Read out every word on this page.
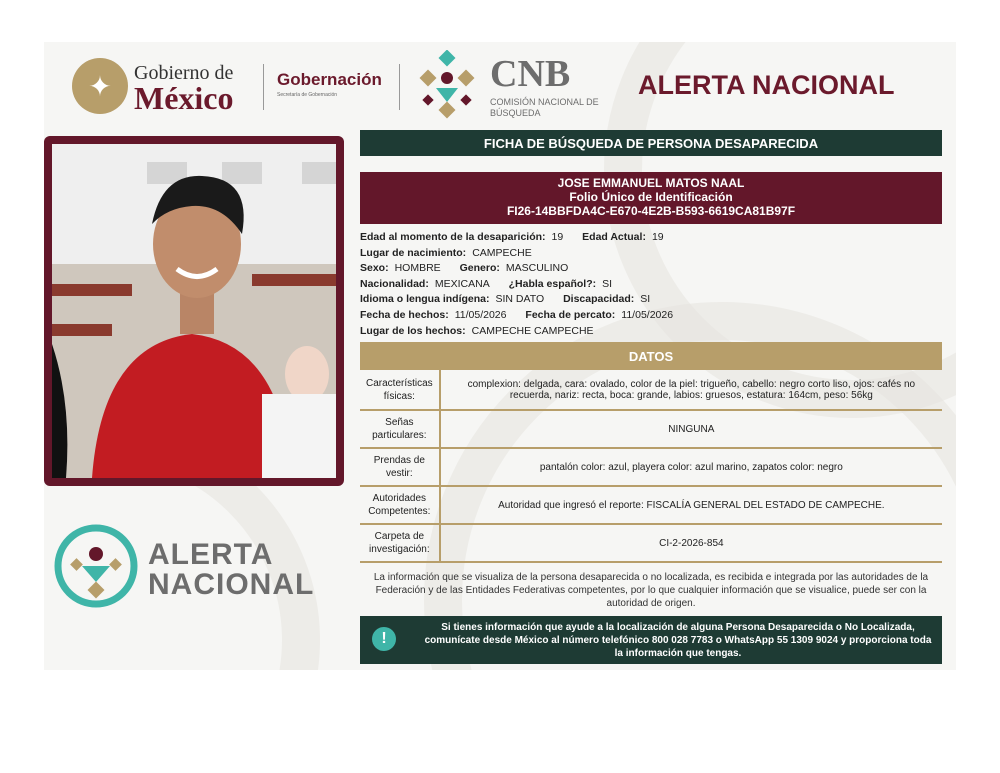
✦	Gobierno de
México
Gobernación
Secretaría de Gobernación	CNB
COMISIÓN NACIONAL DE BÚSQUEDA
ALERTA NACIONAL
ALERTA
NACIONAL
FICHA DE BÚSQUEDA DE PERSONA DESAPARECIDA
JOSE EMMANUEL MATOS NAAL
Folio Único de Identificación
FI26-14BBFDA4C-E670-4E2B-B593-6619CA81B97F
Edad al momento de la desaparición: 19 Edad Actual: 19
Lugar de nacimiento: CAMPECHE
Sexo: HOMBRE Genero: MASCULINO
Nacionalidad: MEXICANA ¿Habla español?: SI
Idioma o lengua indígena: SIN DATO Discapacidad: SI
Fecha de hechos: 11/05/2026 Fecha de percato: 11/05/2026
Lugar de los hechos: CAMPECHE CAMPECHE
DATOS
Características físicas:	complexion: delgada, cara: ovalado, color de la piel: trigueño, cabello: negro corto liso, ojos: cafés no recuerda, nariz: recta, boca: grande, labios: gruesos, estatura: 164cm, peso: 56kg
Señas particulares:	NINGUNA
Prendas de vestir:	pantalón color: azul, playera color: azul marino, zapatos color: negro
Autoridades Competentes:	Autoridad que ingresó el reporte: FISCALÍA GENERAL DEL ESTADO DE CAMPECHE.
Carpeta de investigación:	CI-2-2026-854
La información que se visualiza de la persona desaparecida o no localizada, es recibida e integrada por las autoridades de la Federación y de las Entidades Federativas competentes, por lo que cualquier información que se visualice, puede ser con la autoridad de origen.
!
Si tienes información que ayude a la localización de alguna Persona Desaparecida o No Localizada, comunícate desde México al número telefónico 800 028 7783 o WhatsApp 55 1309 9024 y proporciona toda la información que tengas.
